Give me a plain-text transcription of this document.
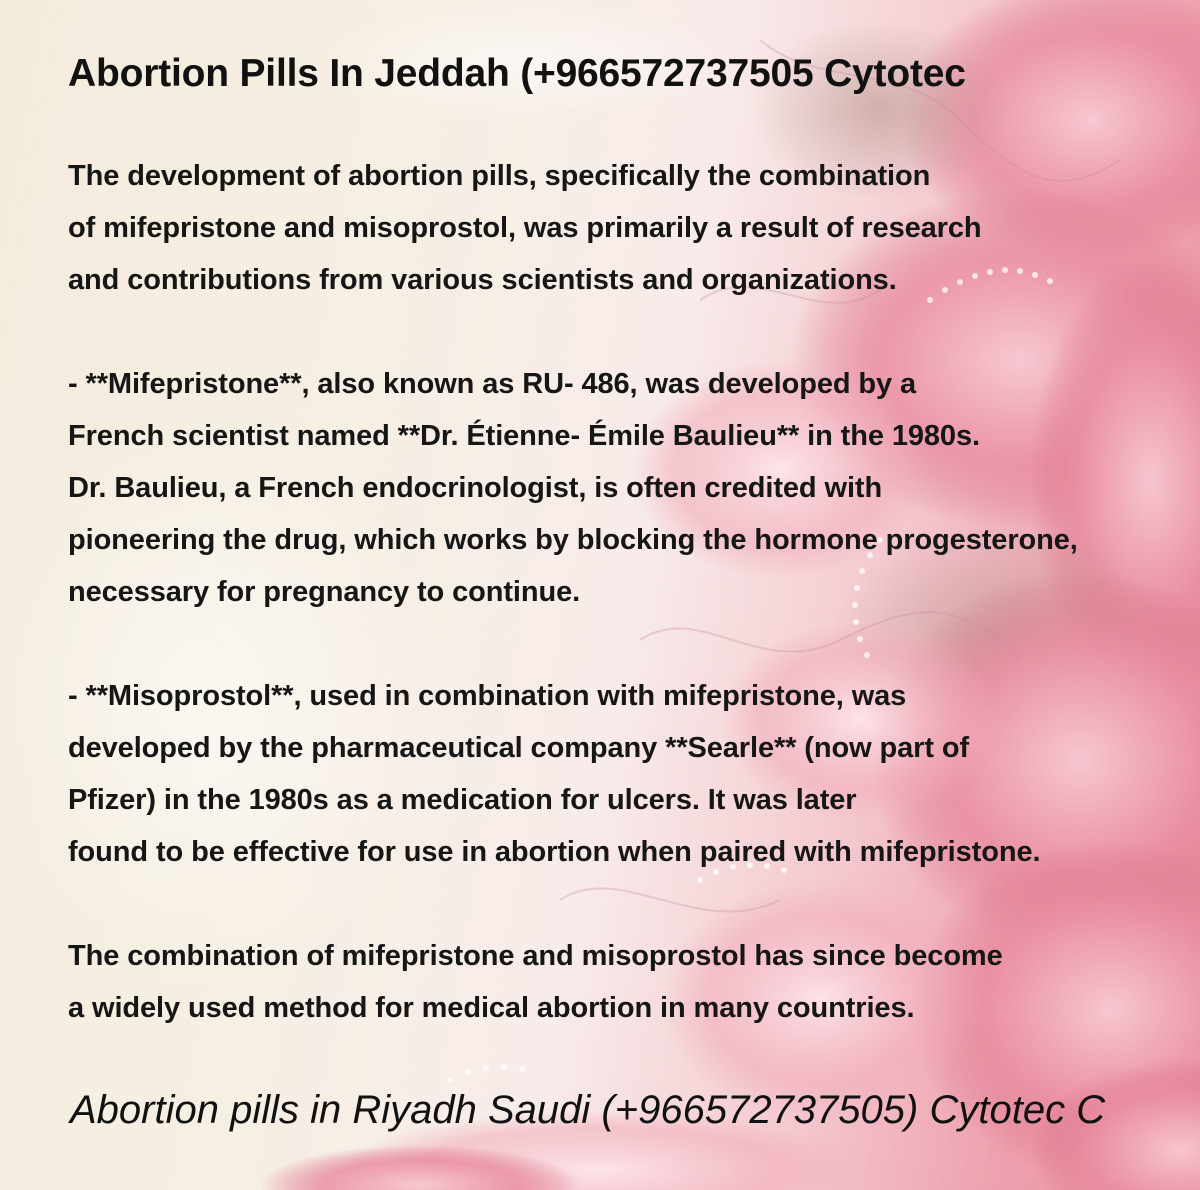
Abortion Pills In Jeddah (+966572737505 Cytotec
The development of abortion pills, specifically the combination
of mifepristone and misoprostol, was primarily a result of research
and contributions from various scientists and organizations.
- **Mifepristone**, also known as RU- 486, was developed by a
French scientist named **Dr. Étienne- Émile Baulieu** in the 1980s.
Dr. Baulieu, a French endocrinologist, is often credited with
pioneering the drug, which works by blocking the hormone progesterone,
necessary for pregnancy to continue.
- **Misoprostol**, used in combination with mifepristone, was
developed by the pharmaceutical company **Searle** (now part of
Pfizer) in the 1980s as a medication for ulcers. It was later
found to be effective for use in abortion when paired with mifepristone.
The combination of mifepristone and misoprostol has since become
a widely used method for medical abortion in many countries.

Abortion pills in Riyadh Saudi (+966572737505) Cytotec C
